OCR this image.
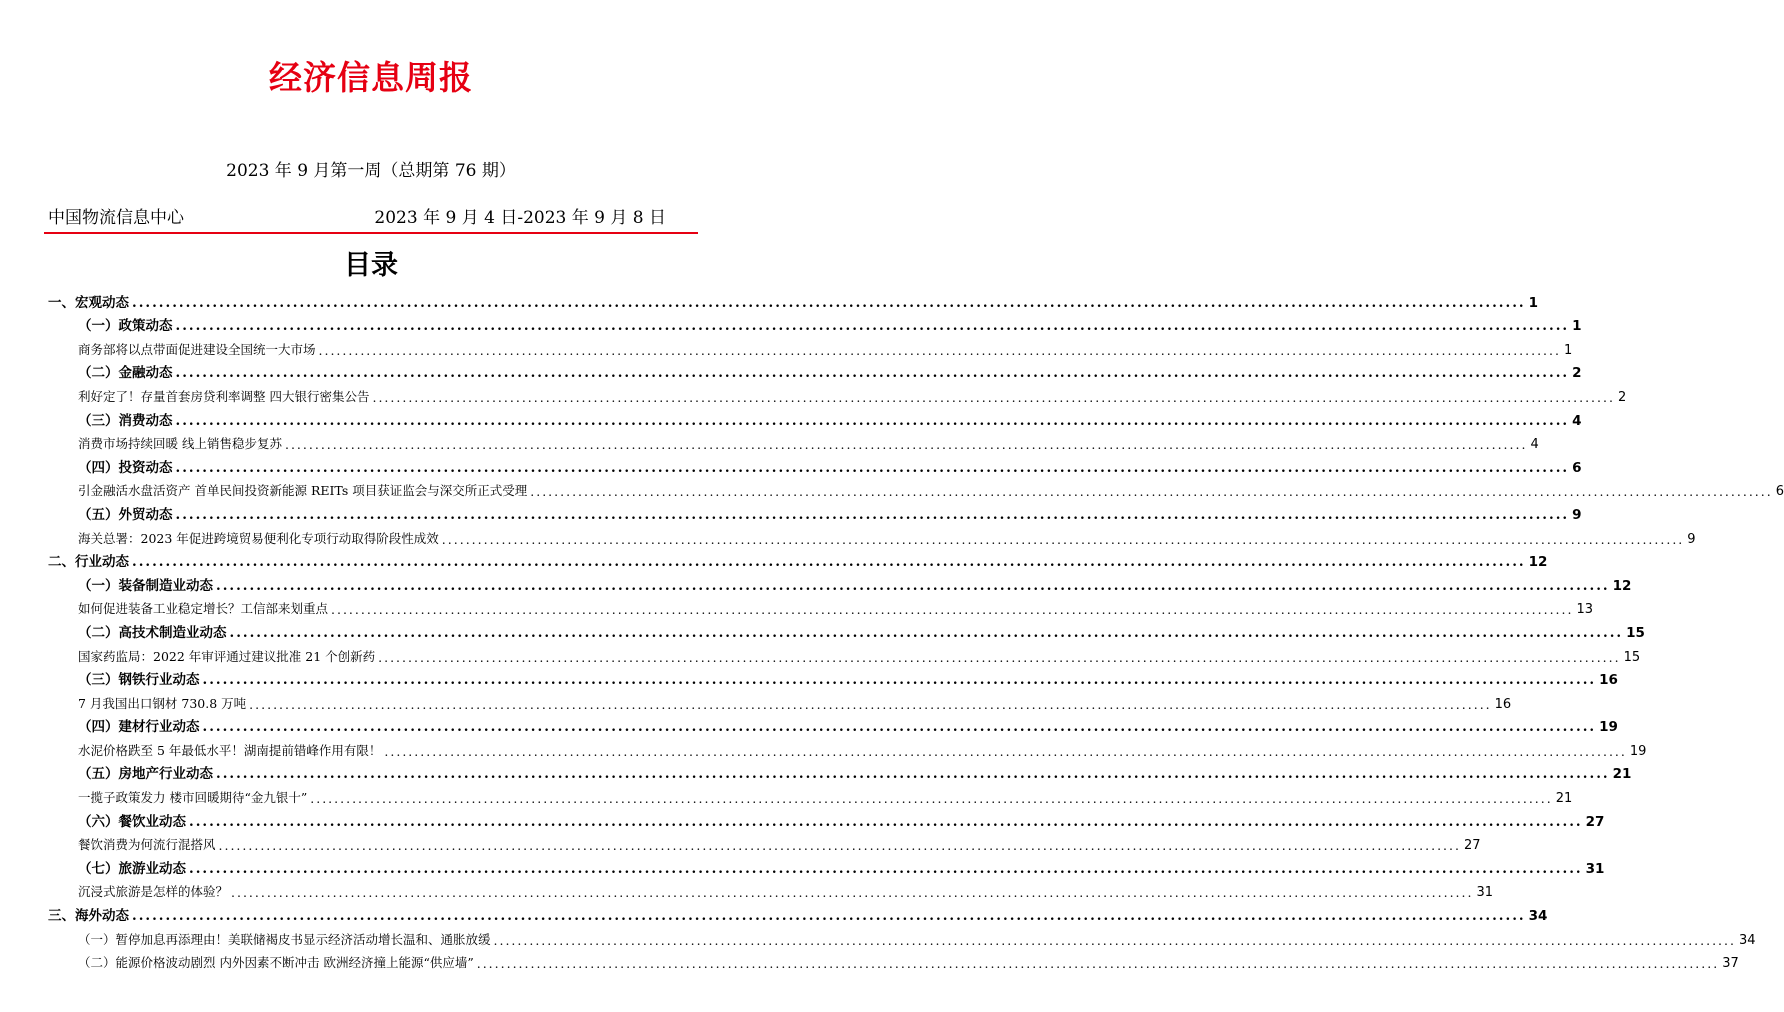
经济信息周报

2023 年 9 月第一周（总期第 76 期）

中国物流信息中心	2023 年 9 月 4 日-2023 年 9 月 8 日

目录
一、宏观动态 .....	1
（一）政策动态 .....	1
商务部将以点带面促进建设全国统一大市场 .....	1
（二）金融动态 .....	2
利好定了！存量首套房贷利率调整 四大银行密集公告 .....	2
（三）消费动态 .....	4
消费市场持续回暖 线上销售稳步复苏 .....	4
（四）投资动态 .....	6
引金融活水盘活资产 首单民间投资新能源 REITs 项目获证监会与深交所正式受理 .....	6
（五）外贸动态 .....	9
海关总署：2023 年促进跨境贸易便利化专项行动取得阶段性成效 .....	9
二、行业动态 .....	12
（一）装备制造业动态 .....	12
如何促进装备工业稳定增长？工信部来划重点 .....	13
（二）高技术制造业动态 .....	15
国家药监局：2022 年审评通过建议批准 21 个创新药 .....	15
（三）钢铁行业动态 .....	16
7 月我国出口钢材 730.8 万吨 .....	16
（四）建材行业动态 .....	19
水泥价格跌至 5 年最低水平！湖南提前错峰作用有限！ .....	19
（五）房地产行业动态 .....	21
一揽子政策发力 楼市回暖期待“金九银十” .....	21
（六）餐饮业动态 .....	27
餐饮消费为何流行混搭风 .....	27
（七）旅游业动态 .....	31
沉浸式旅游是怎样的体验？ .....	31
三、海外动态 .....	34
（一）暂停加息再添理由！美联储褐皮书显示经济活动增长温和、通胀放缓 .....	34
（二）能源价格波动剧烈 内外因素不断冲击 欧洲经济撞上能源“供应墙” .....	37
